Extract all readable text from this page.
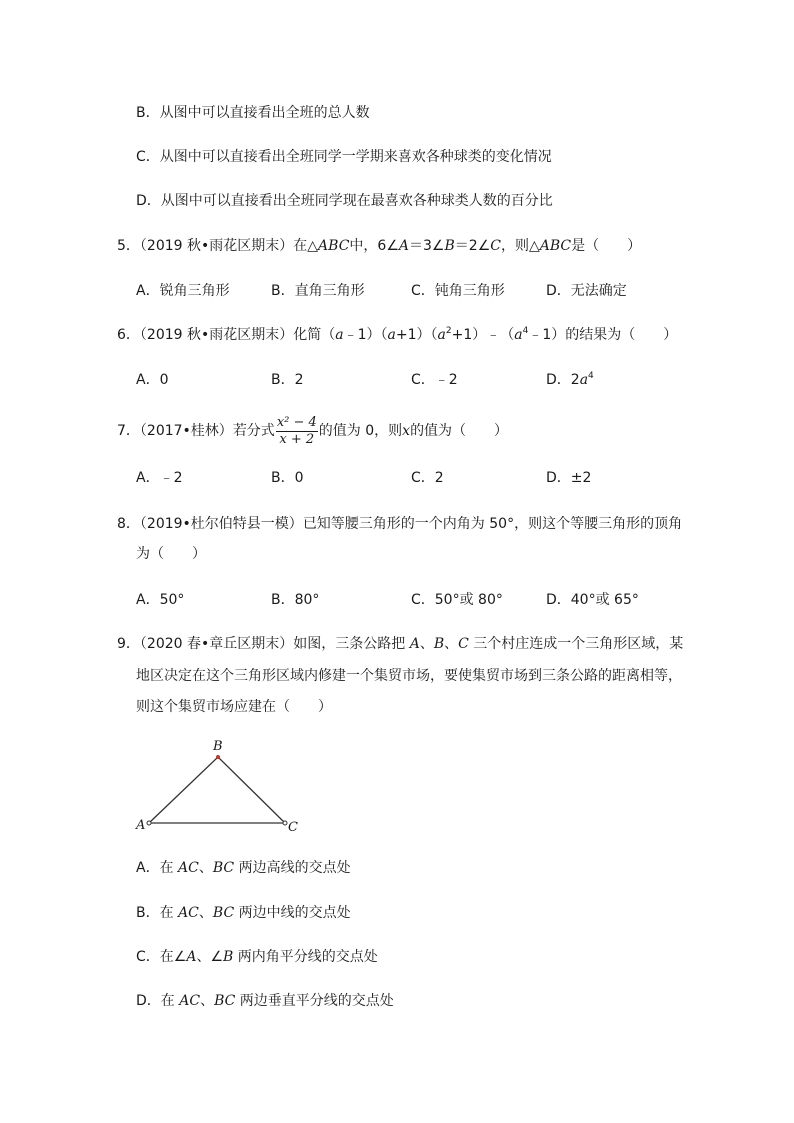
B．从图中可以直接看出全班的总人数
C．从图中可以直接看出全班同学一学期来喜欢各种球类的变化情况
D．从图中可以直接看出全班同学现在最喜欢各种球类人数的百分比
5．（2019 秋•雨花区期末）在△ABC中，6∠A＝3∠B＝2∠C，则△ABC是（　　）
A．锐角三角形	B．直角三角形	C．钝角三角形	D．无法确定
6．（2019 秋•雨花区期末）化简$(a﹣1)(a+1)(a^2+1)﹣(a^4﹣1)$的结果为（　　）
A．0	B．2	C．﹣2	D．$2a^4$
7．（2017•桂林）若分式 $\frac{\text{x² − 4}}{x + 2}$ 的值为 0，则x的值为（　　）
A．﹣2	B．0	C．2	D．±2
8．（2019•杜尔伯特县一模）已知等腰三角形的一个内角为 50°，则这个等腰三角形的顶角
为（　　）
A．50°	B．80°	C．50°或 80°	D．40°或 65°
9．（2020 春•章丘区期末）如图，三条公路把 A、B、C 三个村庄连成一个三角形区域，某
地区决定在这个三角形区域内修建一个集贸市场，要使集贸市场到三条公路的距离相等，
则这个集贸市场应建在（　　）
B
A	C
A．在 AC、BC 两边高线的交点处
B．在 AC、BC 两边中线的交点处
C．在∠A、∠B 两内角平分线的交点处
D．在 AC、BC 两边垂直平分线的交点处
